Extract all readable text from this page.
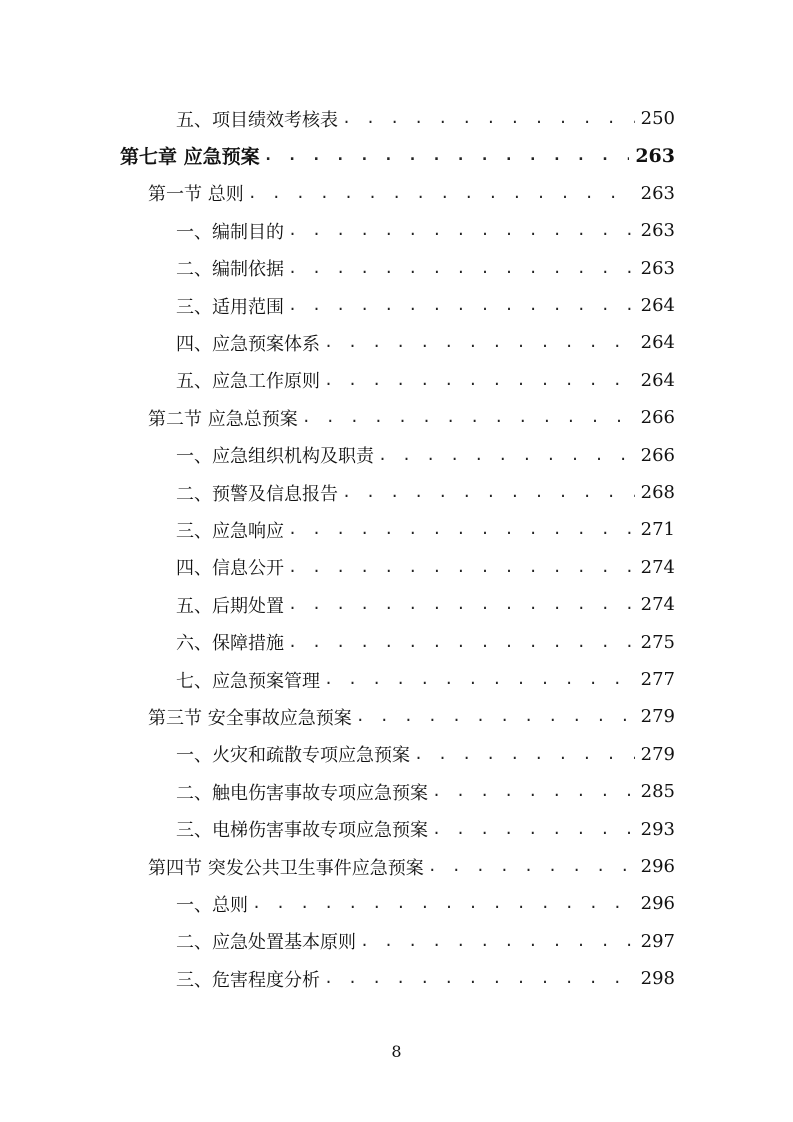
五、项目绩效考核表 . . .	250
第七章 应急预案 . . .	263
第一节 总则 . . .	263
一、编制目的 . . .	263
二、编制依据 . . .	263
三、适用范围 . . .	264
四、应急预案体系 . . .	264
五、应急工作原则 . . .	264
第二节 应急总预案 . . .	266
一、应急组织机构及职责 . . .	266
二、预警及信息报告 . . .	268
三、应急响应 . . .	271
四、信息公开 . . .	274
五、后期处置 . . .	274
六、保障措施 . . .	275
七、应急预案管理 . . .	277
第三节 安全事故应急预案 . . .	279
一、火灾和疏散专项应急预案 . . .	279
二、触电伤害事故专项应急预案 . . .	285
三、电梯伤害事故专项应急预案 . . .	293
第四节 突发公共卫生事件应急预案 . . .	296
一、总则 . . .	296
二、应急处置基本原则 . . .	297
三、危害程度分析 . . .	298
8
